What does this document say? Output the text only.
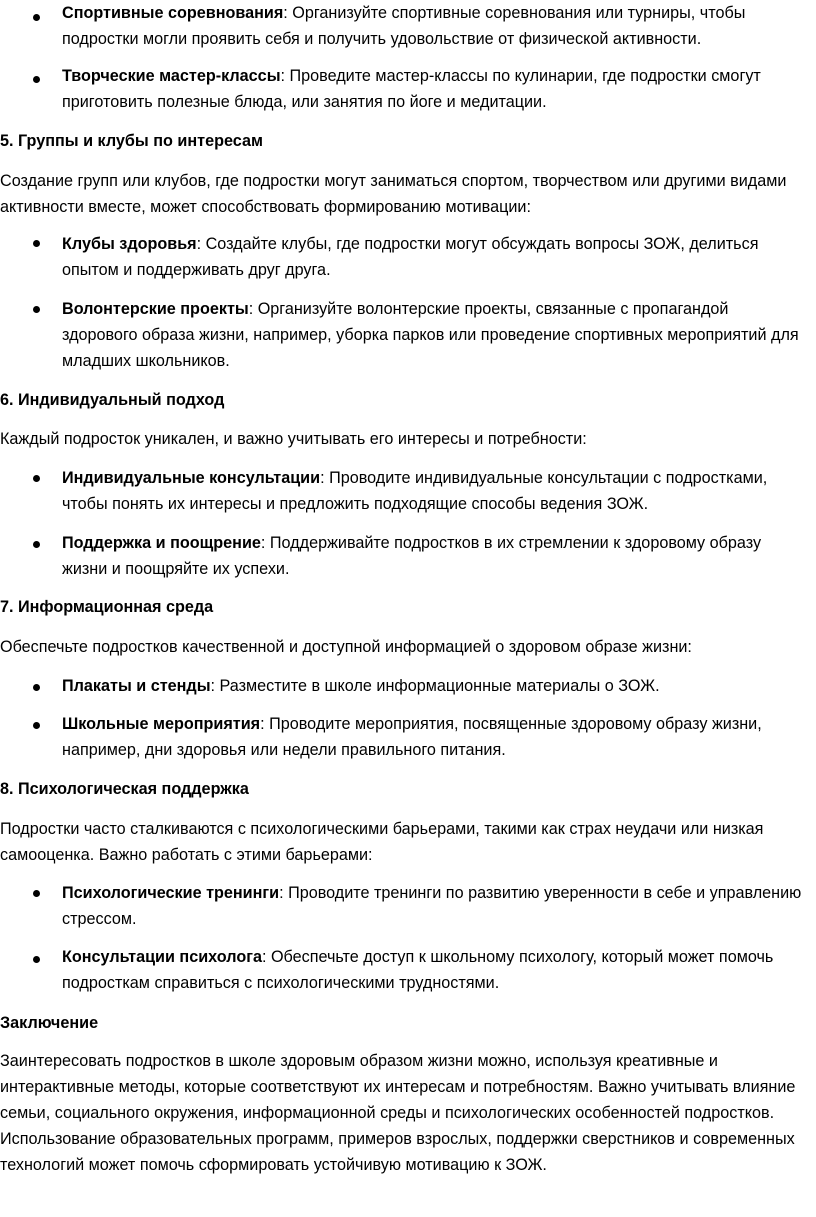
Спортивные соревнования: Организуйте спортивные соревнования или турниры, чтобы подростки могли проявить себя и получить удовольствие от физической активности.

Творческие мастер-классы: Проведите мастер-классы по кулинарии, где подростки смогут приготовить полезные блюда, или занятия по йоге и медитации.

5. Группы и клубы по интересам

Создание групп или клубов, где подростки могут заниматься спортом, творчеством или другими видами активности вместе, может способствовать формированию мотивации:

Клубы здоровья: Создайте клубы, где подростки могут обсуждать вопросы ЗОЖ, делиться опытом и поддерживать друг друга.

Волонтерские проекты: Организуйте волонтерские проекты, связанные с пропагандой здорового образа жизни, например, уборка парков или проведение спортивных мероприятий для младших школьников.

6. Индивидуальный подход

Каждый подросток уникален, и важно учитывать его интересы и потребности:

Индивидуальные консультации: Проводите индивидуальные консультации с подростками, чтобы понять их интересы и предложить подходящие способы ведения ЗОЖ.

Поддержка и поощрение: Поддерживайте подростков в их стремлении к здоровому образу жизни и поощряйте их успехи.

7. Информационная среда

Обеспечьте подростков качественной и доступной информацией о здоровом образе жизни:

Плакаты и стенды: Разместите в школе информационные материалы о ЗОЖ.

Школьные мероприятия: Проводите мероприятия, посвященные здоровому образу жизни, например, дни здоровья или недели правильного питания.

8. Психологическая поддержка

Подростки часто сталкиваются с психологическими барьерами, такими как страх неудачи или низкая самооценка. Важно работать с этими барьерами:

Психологические тренинги: Проводите тренинги по развитию уверенности в себе и управлению стрессом.

Консультации психолога: Обеспечьте доступ к школьному психологу, который может помочь подросткам справиться с психологическими трудностями.

Заключение

Заинтересовать подростков в школе здоровым образом жизни можно, используя креативные и интерактивные методы, которые соответствуют их интересам и потребностям. Важно учитывать влияние семьи, социального окружения, информационной среды и психологических особенностей подростков. Использование образовательных программ, примеров взрослых, поддержки сверстников и современных технологий может помочь сформировать устойчивую мотивацию к ЗОЖ.
